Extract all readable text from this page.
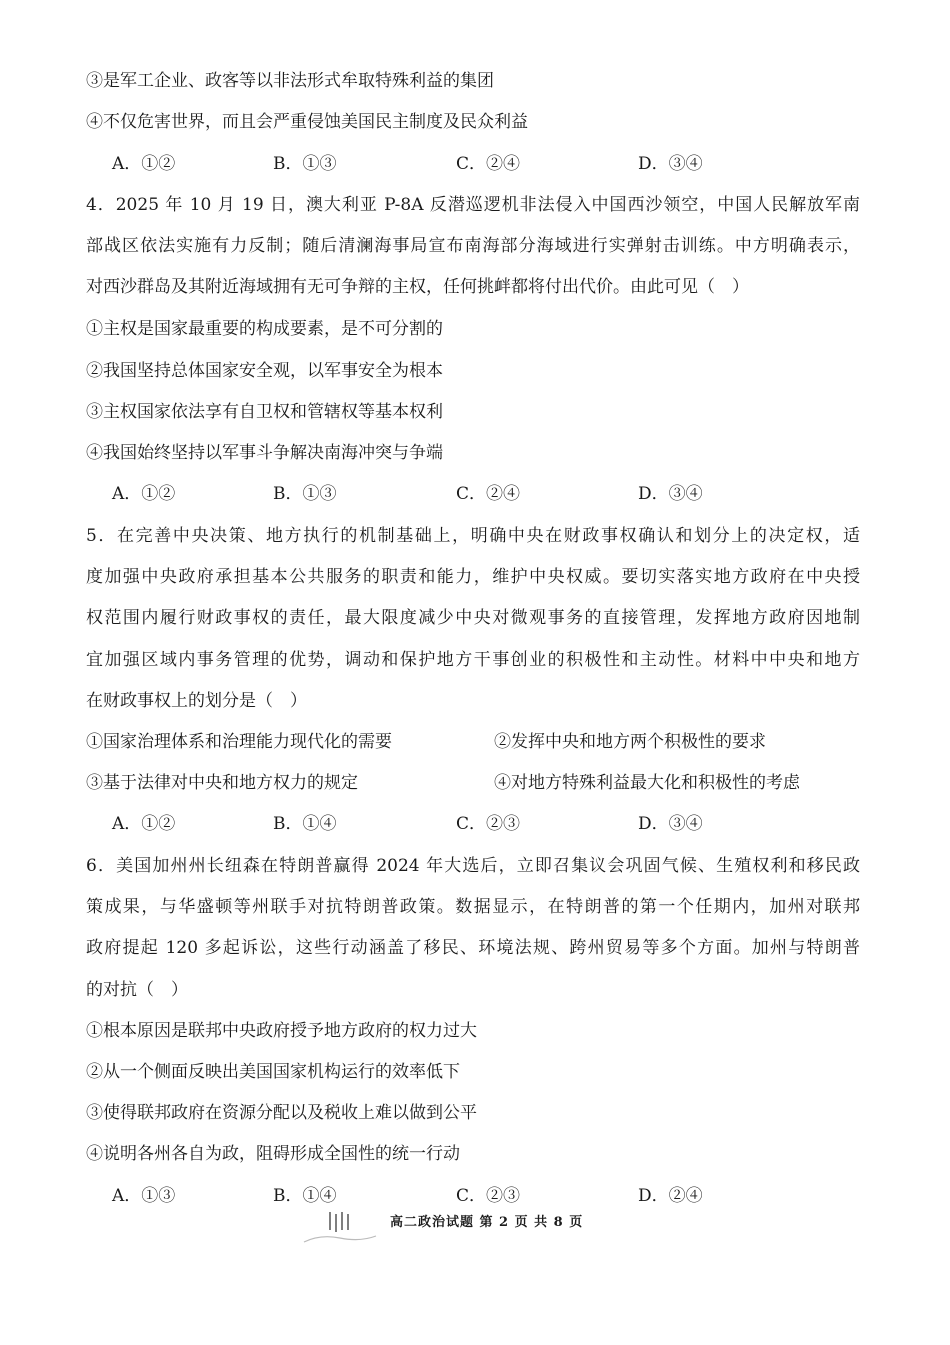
③是军工企业、政客等以非法形式牟取特殊利益的集团
④不仅危害世界，而且会严重侵蚀美国民主制度及民众利益
A．①②	B．①③	C．②④	D．③④
4．2025 年 10 月 19 日，澳大利亚 P-8A 反潜巡逻机非法侵入中国西沙领空，中国人民解放军南
部战区依法实施有力反制；随后清澜海事局宣布南海部分海域进行实弹射击训练。中方明确表示，
对西沙群岛及其附近海域拥有无可争辩的主权，任何挑衅都将付出代价。由此可见（　）
①主权是国家最重要的构成要素，是不可分割的
②我国坚持总体国家安全观，以军事安全为根本
③主权国家依法享有自卫权和管辖权等基本权利
④我国始终坚持以军事斗争解决南海冲突与争端
A．①②	B．①③	C．②④	D．③④
5．在完善中央决策、地方执行的机制基础上，明确中央在财政事权确认和划分上的决定权，适
度加强中央政府承担基本公共服务的职责和能力，维护中央权威。要切实落实地方政府在中央授
权范围内履行财政事权的责任，最大限度减少中央对微观事务的直接管理，发挥地方政府因地制
宜加强区域内事务管理的优势，调动和保护地方干事创业的积极性和主动性。材料中中央和地方
在财政事权上的划分是（　）
①国家治理体系和治理能力现代化的需要	②发挥中央和地方两个积极性的要求
③基于法律对中央和地方权力的规定	④对地方特殊利益最大化和积极性的考虑
A．①②	B．①④	C．②③	D．③④
6．美国加州州长纽森在特朗普赢得 2024 年大选后，立即召集议会巩固气候、生殖权利和移民政
策成果，与华盛顿等州联手对抗特朗普政策。数据显示，在特朗普的第一个任期内，加州对联邦
政府提起 120 多起诉讼，这些行动涵盖了移民、环境法规、跨州贸易等多个方面。加州与特朗普
的对抗（　）
①根本原因是联邦中央政府授予地方政府的权力过大
②从一个侧面反映出美国国家机构运行的效率低下
③使得联邦政府在资源分配以及税收上难以做到公平
④说明各州各自为政，阻碍形成全国性的统一行动
A．①③	B．①④	C．②③	D．②④
高二政治试题 第 2 页 共 8 页
